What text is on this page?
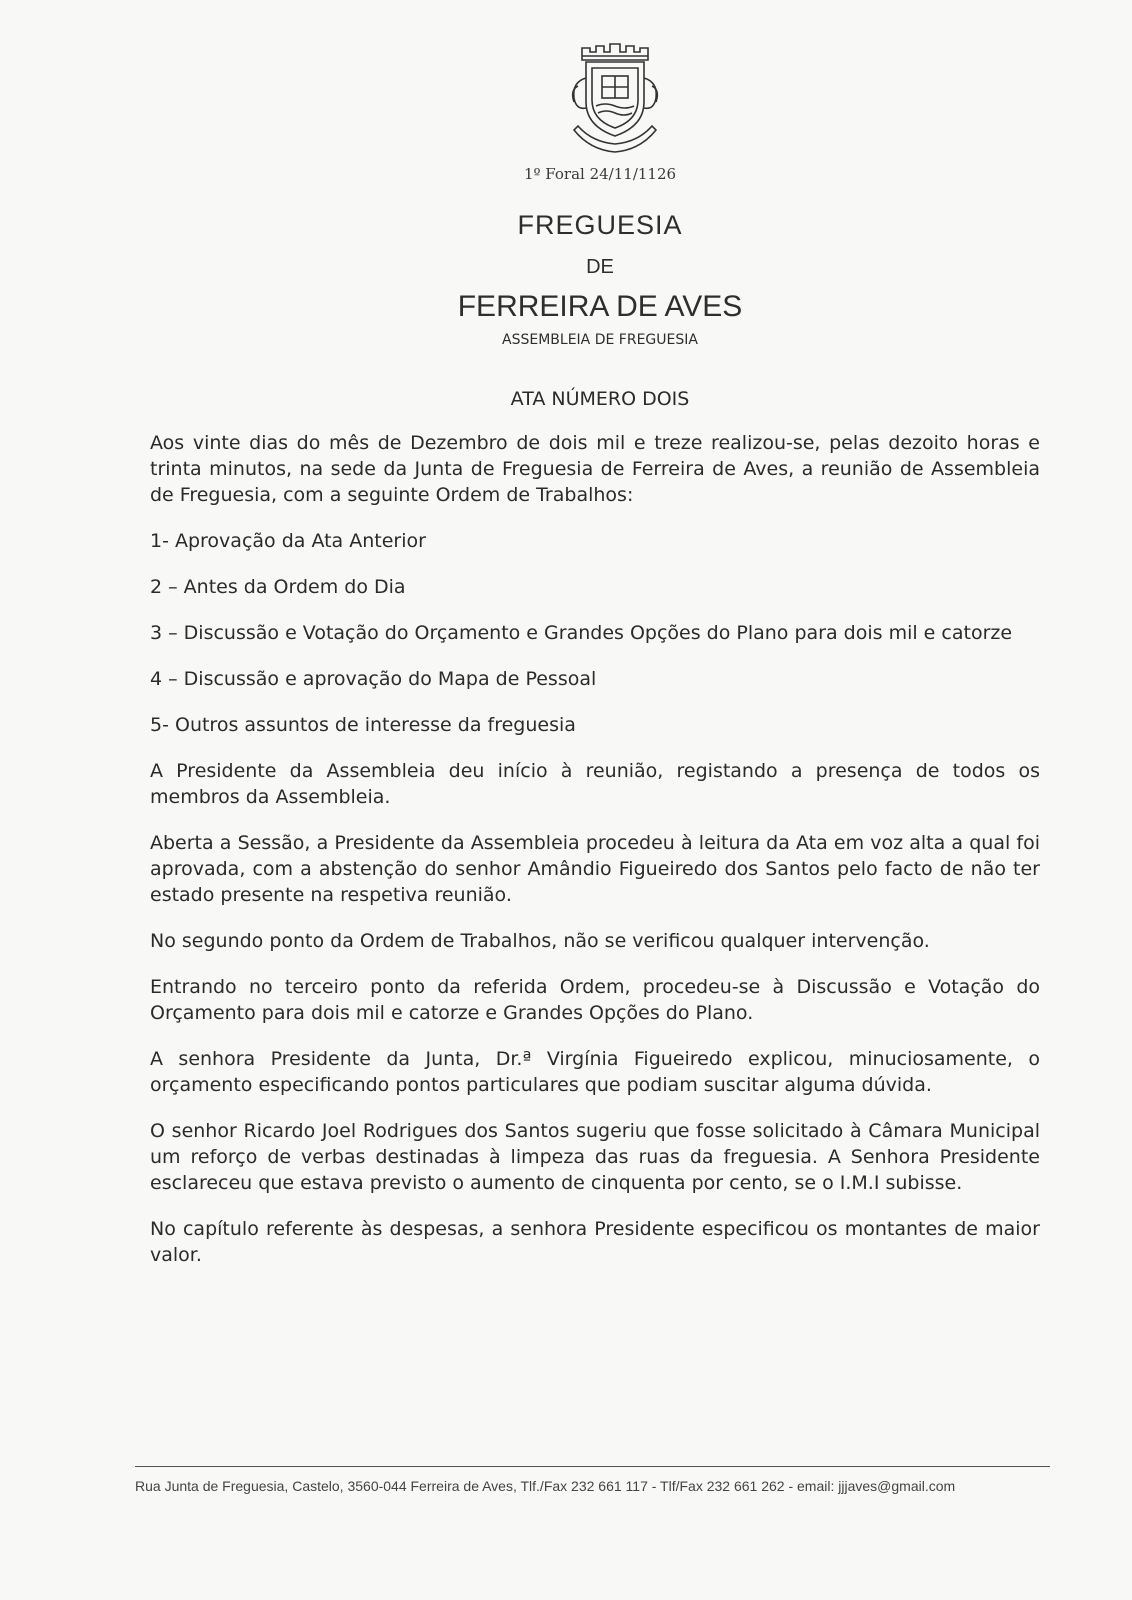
1º Foral 24/11/1126
FREGUESIA
DE
FERREIRA DE AVES
ASSEMBLEIA DE FREGUESIA
ATA NÚMERO DOIS

Aos vinte dias do mês de Dezembro de dois mil e treze realizou-se, pelas dezoito horas e trinta minutos, na sede da Junta de Freguesia de Ferreira de Aves, a reunião de Assembleia de Freguesia, com a seguinte Ordem de Trabalhos:

1- Aprovação da Ata Anterior

2 – Antes da Ordem do Dia

3 – Discussão e Votação do Orçamento e Grandes Opções do Plano para dois mil e catorze

4 – Discussão e aprovação do Mapa de Pessoal

5- Outros assuntos de interesse da freguesia

A Presidente da Assembleia deu início à reunião, registando a presença de todos os membros da Assembleia.

Aberta a Sessão, a Presidente da Assembleia procedeu à leitura da Ata em voz alta a qual foi aprovada, com a abstenção do senhor Amândio Figueiredo dos Santos pelo facto de não ter estado presente na respetiva reunião.

No segundo ponto da Ordem de Trabalhos, não se verificou qualquer intervenção.

Entrando no terceiro ponto da referida Ordem, procedeu-se à Discussão e Votação do Orçamento para dois mil e catorze e Grandes Opções do Plano.

A senhora Presidente da Junta, Dr.ª Virgínia Figueiredo explicou, minuciosamente, o orçamento especificando pontos particulares que podiam suscitar alguma dúvida.

O senhor Ricardo Joel Rodrigues dos Santos sugeriu que fosse solicitado à Câmara Municipal um reforço de verbas destinadas à limpeza das ruas da freguesia. A Senhora Presidente esclareceu que estava previsto o aumento de cinquenta por cento, se o I.M.I subisse.

No capítulo referente às despesas, a senhora Presidente especificou os montantes de maior valor.

Rua Junta de Freguesia, Castelo, 3560-044 Ferreira de Aves, Tlf./Fax 232 661 117 - Tlf/Fax 232 661 262 - email: jjjaves@gmail.com
